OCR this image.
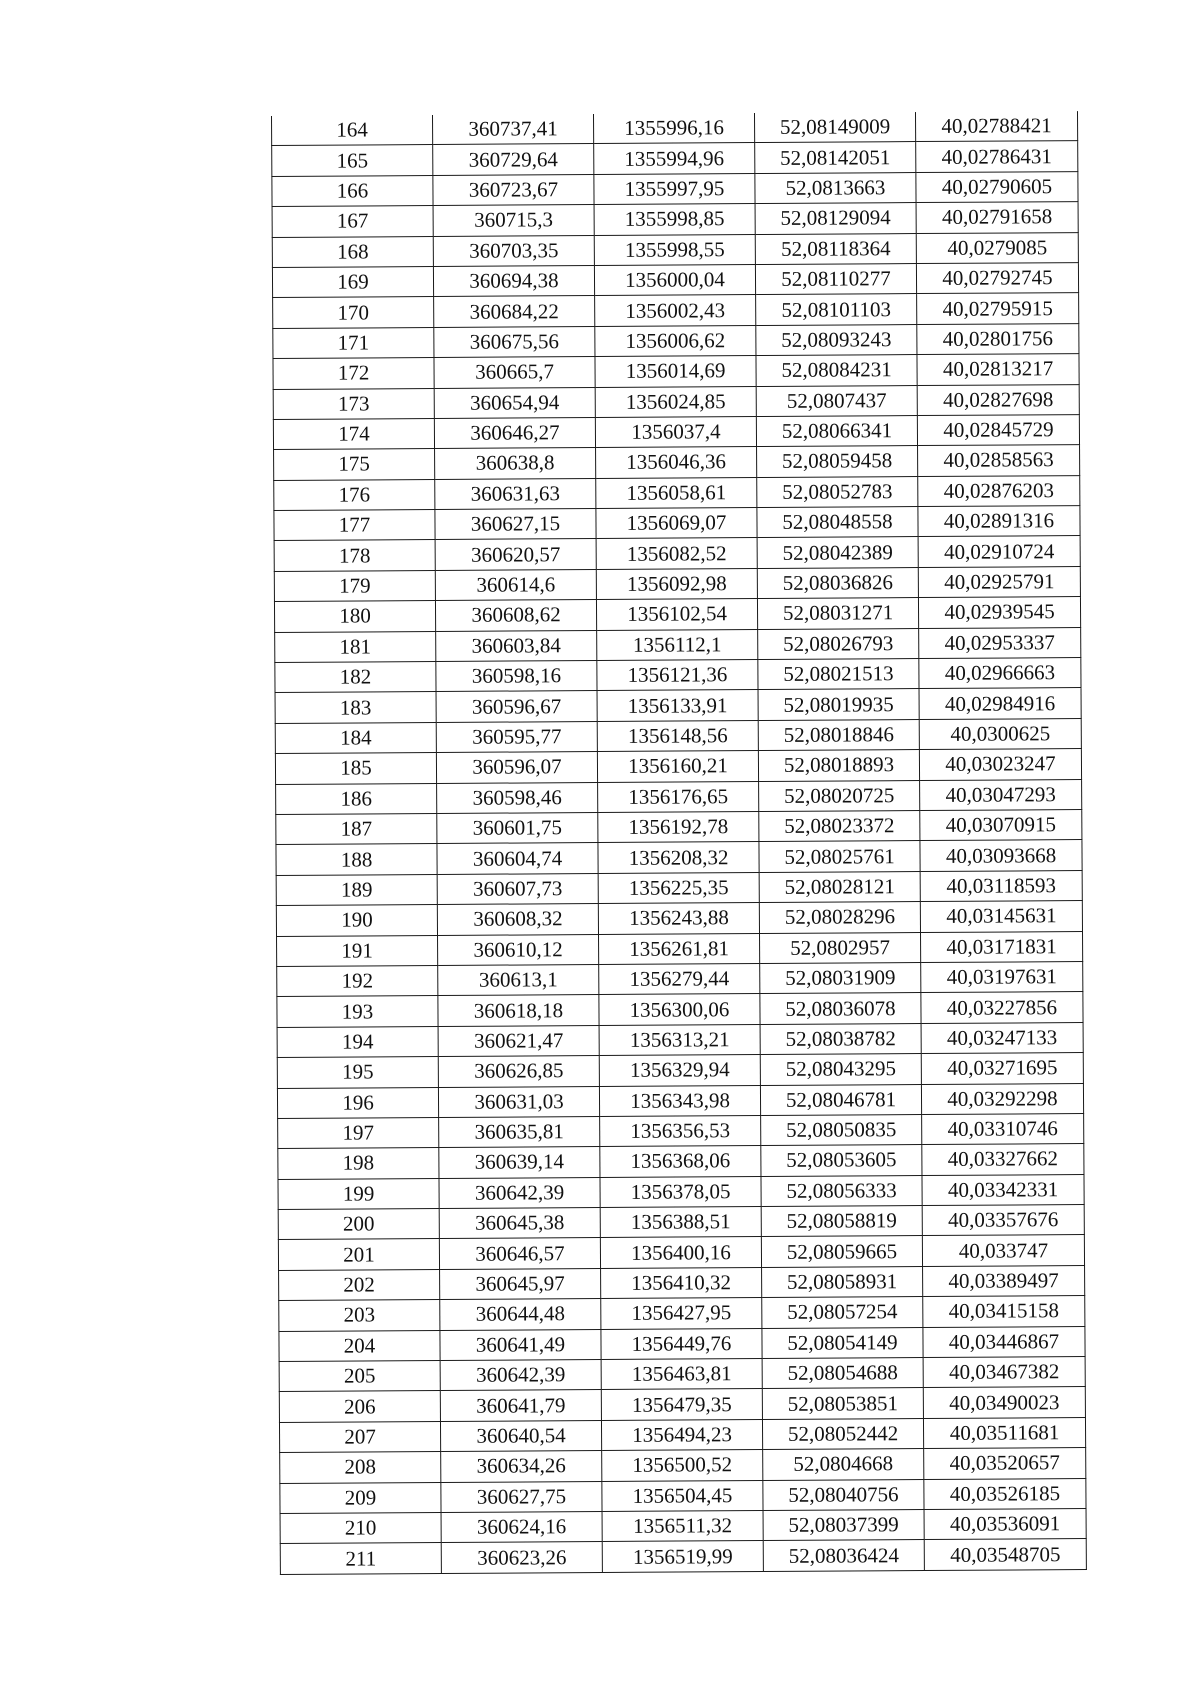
164	360737,41	1355996,16	52,08149009	40,02788421
165	360729,64	1355994,96	52,08142051	40,02786431
166	360723,67	1355997,95	52,0813663	40,02790605
167	360715,3	1355998,85	52,08129094	40,02791658
168	360703,35	1355998,55	52,08118364	40,0279085
169	360694,38	1356000,04	52,08110277	40,02792745
170	360684,22	1356002,43	52,08101103	40,02795915
171	360675,56	1356006,62	52,08093243	40,02801756
172	360665,7	1356014,69	52,08084231	40,02813217
173	360654,94	1356024,85	52,0807437	40,02827698
174	360646,27	1356037,4	52,08066341	40,02845729
175	360638,8	1356046,36	52,08059458	40,02858563
176	360631,63	1356058,61	52,08052783	40,02876203
177	360627,15	1356069,07	52,08048558	40,02891316
178	360620,57	1356082,52	52,08042389	40,02910724
179	360614,6	1356092,98	52,08036826	40,02925791
180	360608,62	1356102,54	52,08031271	40,02939545
181	360603,84	1356112,1	52,08026793	40,02953337
182	360598,16	1356121,36	52,08021513	40,02966663
183	360596,67	1356133,91	52,08019935	40,02984916
184	360595,77	1356148,56	52,08018846	40,0300625
185	360596,07	1356160,21	52,08018893	40,03023247
186	360598,46	1356176,65	52,08020725	40,03047293
187	360601,75	1356192,78	52,08023372	40,03070915
188	360604,74	1356208,32	52,08025761	40,03093668
189	360607,73	1356225,35	52,08028121	40,03118593
190	360608,32	1356243,88	52,08028296	40,03145631
191	360610,12	1356261,81	52,0802957	40,03171831
192	360613,1	1356279,44	52,08031909	40,03197631
193	360618,18	1356300,06	52,08036078	40,03227856
194	360621,47	1356313,21	52,08038782	40,03247133
195	360626,85	1356329,94	52,08043295	40,03271695
196	360631,03	1356343,98	52,08046781	40,03292298
197	360635,81	1356356,53	52,08050835	40,03310746
198	360639,14	1356368,06	52,08053605	40,03327662
199	360642,39	1356378,05	52,08056333	40,03342331
200	360645,38	1356388,51	52,08058819	40,03357676
201	360646,57	1356400,16	52,08059665	40,033747
202	360645,97	1356410,32	52,08058931	40,03389497
203	360644,48	1356427,95	52,08057254	40,03415158
204	360641,49	1356449,76	52,08054149	40,03446867
205	360642,39	1356463,81	52,08054688	40,03467382
206	360641,79	1356479,35	52,08053851	40,03490023
207	360640,54	1356494,23	52,08052442	40,03511681
208	360634,26	1356500,52	52,0804668	40,03520657
209	360627,75	1356504,45	52,08040756	40,03526185
210	360624,16	1356511,32	52,08037399	40,03536091
211	360623,26	1356519,99	52,08036424	40,03548705
